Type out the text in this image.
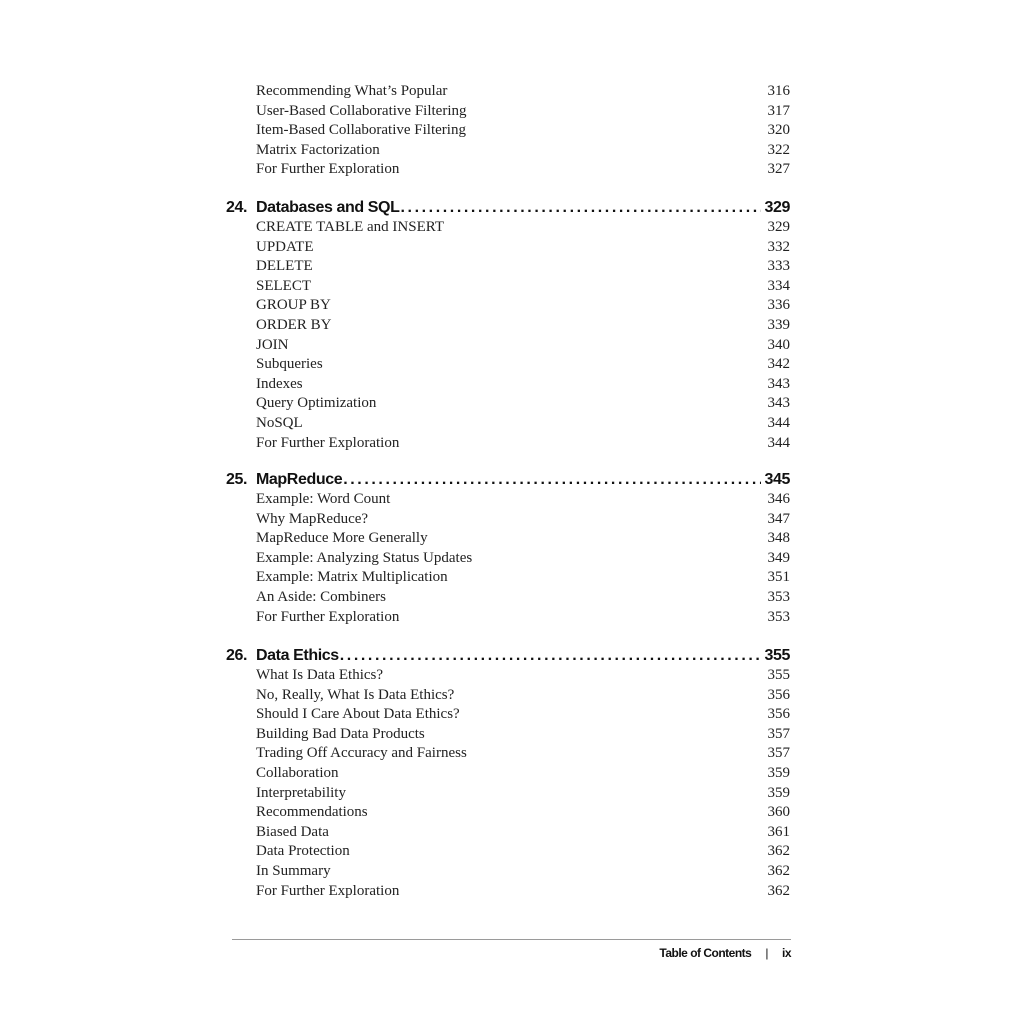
Recommending What’s Popular	316
User-Based Collaborative Filtering	317
Item-Based Collaborative Filtering	320
Matrix Factorization	322
For Further Exploration	327
24. Databases and SQL .....	329
CREATE TABLE and INSERT	329
UPDATE	332
DELETE	333
SELECT	334
GROUP BY	336
ORDER BY	339
JOIN	340
Subqueries	342
Indexes	343
Query Optimization	343
NoSQL	344
For Further Exploration	344
25. MapReduce .....	345
Example: Word Count	346
Why MapReduce?	347
MapReduce More Generally	348
Example: Analyzing Status Updates	349
Example: Matrix Multiplication	351
An Aside: Combiners	353
For Further Exploration	353
26. Data Ethics .....	355
What Is Data Ethics?	355
No, Really, What Is Data Ethics?	356
Should I Care About Data Ethics?	356
Building Bad Data Products	357
Trading Off Accuracy and Fairness	357
Collaboration	359
Interpretability	359
Recommendations	360
Biased Data	361
Data Protection	362
In Summary	362
For Further Exploration	362
Table of Contents | ix
